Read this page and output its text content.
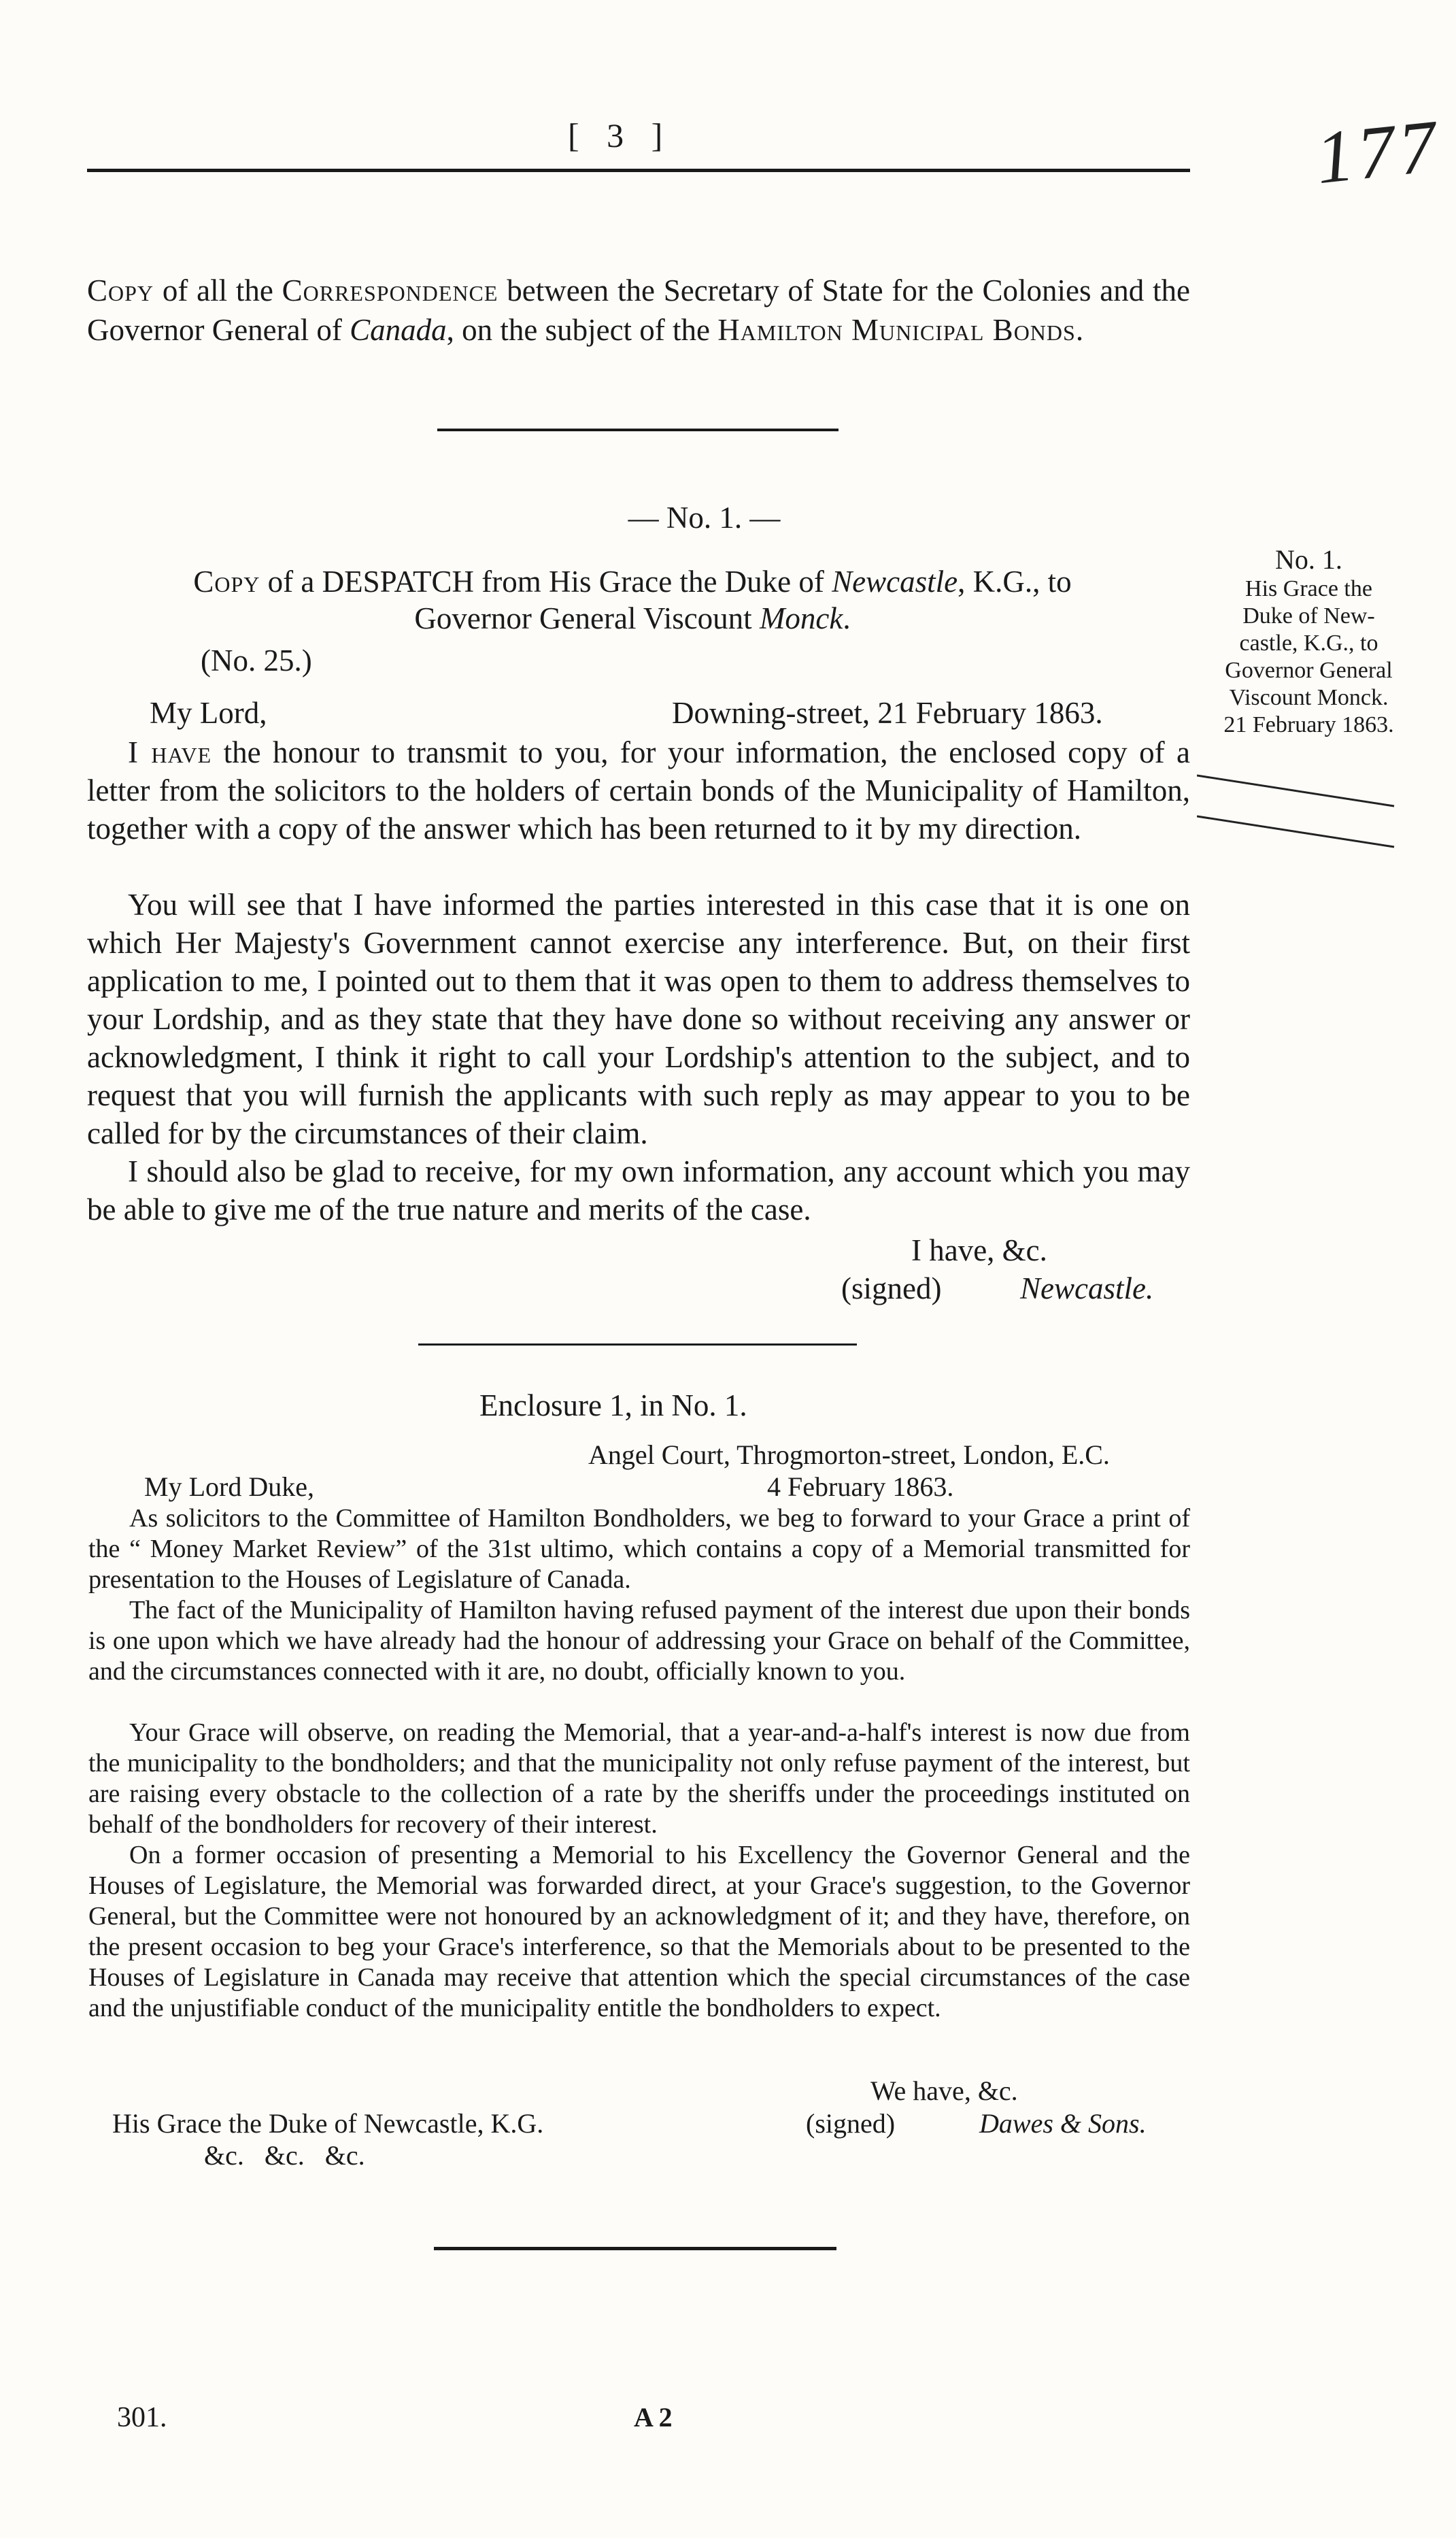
[ 3 ]	177
Copy of all the Correspondence between the Secretary of State for the Colonies and the Governor General of Canada, on the subject of the Hamilton Municipal Bonds.
— No. 1. —
Copy of a DESPATCH from His Grace the Duke of Newcastle, K.G., to
Governor General Viscount Monck.
(No. 25.)
My Lord,	Downing-street, 21 February 1863.
No. 1.
His Grace the
Duke of New-
castle, K.G., to
Governor General
Viscount Monck.
21 February 1863.
I have the honour to transmit to you, for your information, the enclosed copy of a letter from the solicitors to the holders of certain bonds of the Municipality of Hamilton, together with a copy of the answer which has been returned to it by my direction.
You will see that I have informed the parties interested in this case that it is one on which Her Majesty's Government cannot exercise any interference. But, on their first application to me, I pointed out to them that it was open to them to address themselves to your Lordship, and as they state that they have done so without receiving any answer or acknowledgment, I think it right to call your Lordship's attention to the subject, and to request that you will furnish the applicants with such reply as may appear to you to be called for by the circumstances of their claim.
I should also be glad to receive, for my own information, any account which you may be able to give me of the true nature and merits of the case.
I have, &c.
(signed)	Newcastle.
Enclosure 1, in No. 1.
Angel Court, Throgmorton-street, London, E.C.
My Lord Duke,	4 February 1863.
As solicitors to the Committee of Hamilton Bondholders, we beg to forward to your Grace a print of the “ Money Market Review” of the 31st ultimo, which contains a copy of a Memorial transmitted for presentation to the Houses of Legislature of Canada.
The fact of the Municipality of Hamilton having refused payment of the interest due upon their bonds is one upon which we have already had the honour of addressing your Grace on behalf of the Committee, and the circumstances connected with it are, no doubt, officially known to you.
Your Grace will observe, on reading the Memorial, that a year-and-a-half's interest is now due from the municipality to the bondholders; and that the municipality not only refuse payment of the interest, but are raising every obstacle to the collection of a rate by the sheriffs under the proceedings instituted on behalf of the bondholders for recovery of their interest.
On a former occasion of presenting a Memorial to his Excellency the Governor General and the Houses of Legislature, the Memorial was forwarded direct, at your Grace's suggestion, to the Governor General, but the Committee were not honoured by an acknowledgment of it; and they have, therefore, on the present occasion to beg your Grace's interference, so that the Memorials about to be presented to the Houses of Legislature in Canada may receive that attention which the special circumstances of the case and the unjustifiable conduct of the municipality entitle the bondholders to expect.
We have, &c.
(signed)	Dawes & Sons.
His Grace the Duke of Newcastle, K.G.
&c.   &c.   &c.
301.	A 2
